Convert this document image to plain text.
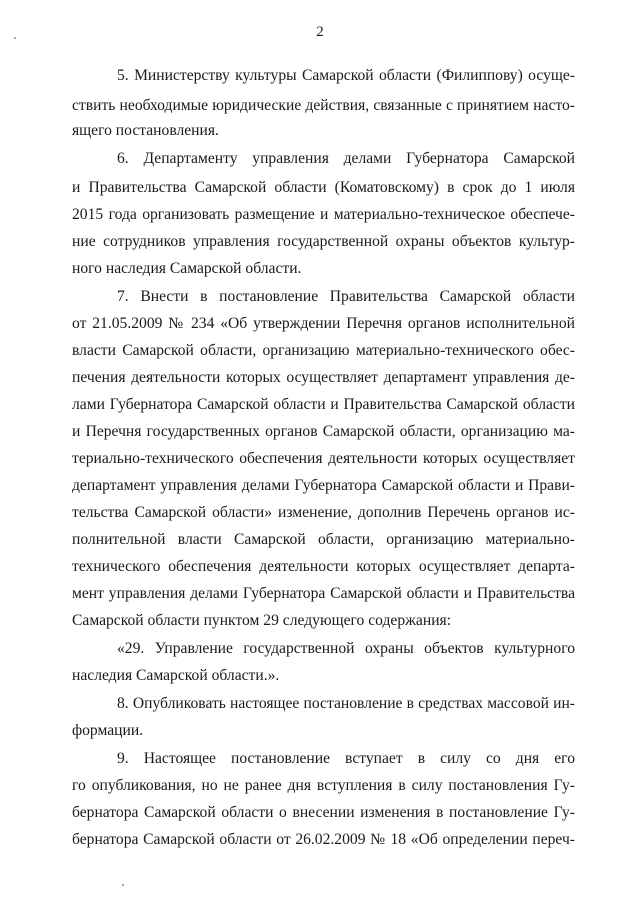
2
5. Министерству культуры Самарской области (Филиппову) осуще-
ствить необходимые юридические действия, связанные с принятием насто-
ящего постановления.
6. Департаменту управления делами Губернатора Самарской
и Правительства Самарской области (Коматовскому) в срок до 1 июля
2015 года организовать размещение и материально-техническое обеспече-
ние сотрудников управления государственной охраны объектов культур-
ного наследия Самарской области.
7. Внести в постановление Правительства Самарской области
от 21.05.2009 № 234 «Об утверждении Перечня органов исполнительной
власти Самарской области, организацию материально-технического обес-
печения деятельности которых осуществляет департамент управления де-
лами Губернатора Самарской области и Правительства Самарской области
и Перечня государственных органов Самарской области, организацию ма-
териально-технического обеспечения деятельности которых осуществляет
департамент управления делами Губернатора Самарской области и Прави-
тельства Самарской области» изменение, дополнив Перечень органов ис-
полнительной власти Самарской области, организацию материально-
технического обеспечения деятельности которых осуществляет департа-
мент управления делами Губернатора Самарской области и Правительства
Самарской области пунктом 29 следующего содержания:
«29. Управление государственной охраны объектов культурного
наследия Самарской области.».
8. Опубликовать настоящее постановление в средствах массовой ин-
формации.
9. Настоящее постановление вступает в силу со дня его
го опубликования, но не ранее дня вступления в силу постановления Гу-
бернатора Самарской области о внесении изменения в постановление Гу-
бернатора Самарской области от 26.02.2009 № 18 «Об определении переч-
